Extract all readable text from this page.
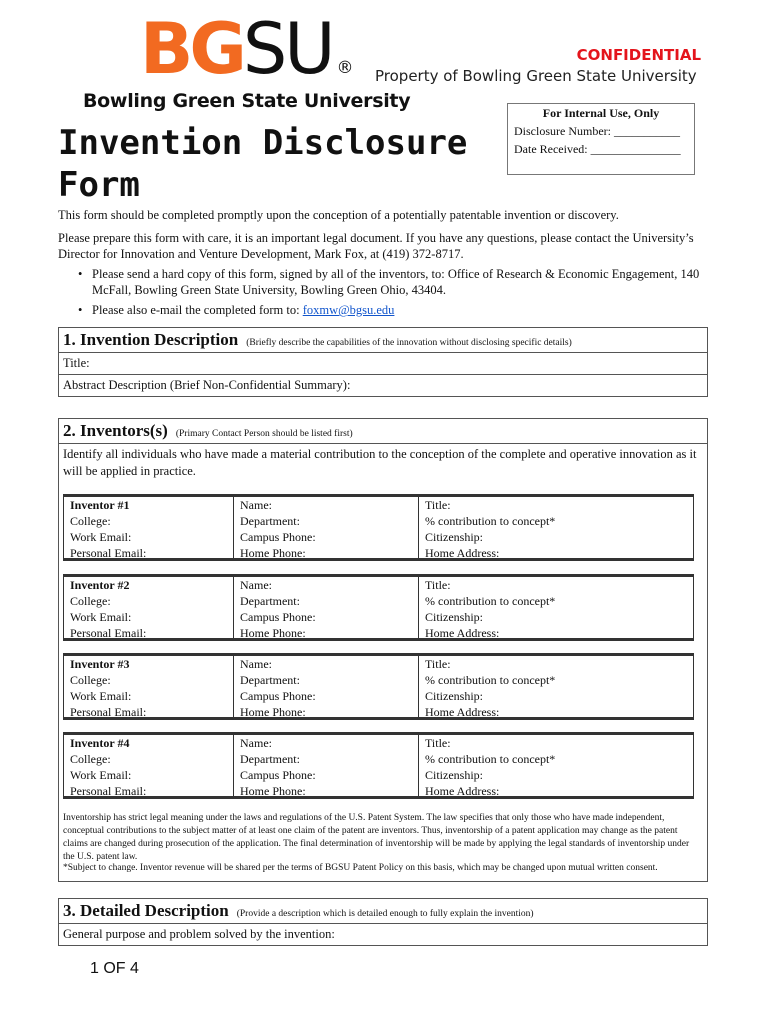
BG SU ®
Bowling Green State University
CONFIDENTIAL
Property of Bowling Green State University
Invention Disclosure Form
For Internal Use, Only
Disclosure Number: ___________
Date Received: _______________
This form should be completed promptly upon the conception of a potentially patentable invention or discovery.
Please prepare this form with care, it is an important legal document. If you have any questions, please contact the University’s Director for Innovation and Venture Development, Mark Fox, at (419) 372-8717.
• Please send a hard copy of this form, signed by all of the inventors, to: Office of Research & Economic Engagement, 140 McFall, Bowling Green State University, Bowling Green Ohio, 43404.
• Please also e-mail the completed form to: foxmw@bgsu.edu
1. Invention Description (Briefly describe the capabilities of the innovation without disclosing specific details)
Title:
Abstract Description (Brief Non-Confidential Summary):
2. Inventors(s) (Primary Contact Person should be listed first)
Identify all individuals who have made a material contribution to the conception of the complete and operative innovation as it will be applied in practice.
Inventor #1
College:
Work Email:
Personal Email:
Name:
Department:
Campus Phone:
Home Phone:
Title:
% contribution to concept*
Citizenship:
Home Address:
Inventor #2
College:
Work Email:
Personal Email:
Name:
Department:
Campus Phone:
Home Phone:
Title:
% contribution to concept*
Citizenship:
Home Address:
Inventor #3
College:
Work Email:
Personal Email:
Name:
Department:
Campus Phone:
Home Phone:
Title:
% contribution to concept*
Citizenship:
Home Address:
Inventor #4
College:
Work Email:
Personal Email:
Name:
Department:
Campus Phone:
Home Phone:
Title:
% contribution to concept*
Citizenship:
Home Address:
Inventorship has strict legal meaning under the laws and regulations of the U.S. Patent System. The law specifies that only those who have made independent, conceptual contributions to the subject matter of at least one claim of the patent are inventors. Thus, inventorship of a patent application may change as the patent claims are changed during prosecution of the application. The final determination of inventorship will be made by applying the legal standards of inventorship under the U.S. patent law.
*Subject to change. Inventor revenue will be shared per the terms of BGSU Patent Policy on this basis, which may be changed upon mutual written consent.
3. Detailed Description (Provide a description which is detailed enough to fully explain the invention)
General purpose and problem solved by the invention:
1 OF 4
